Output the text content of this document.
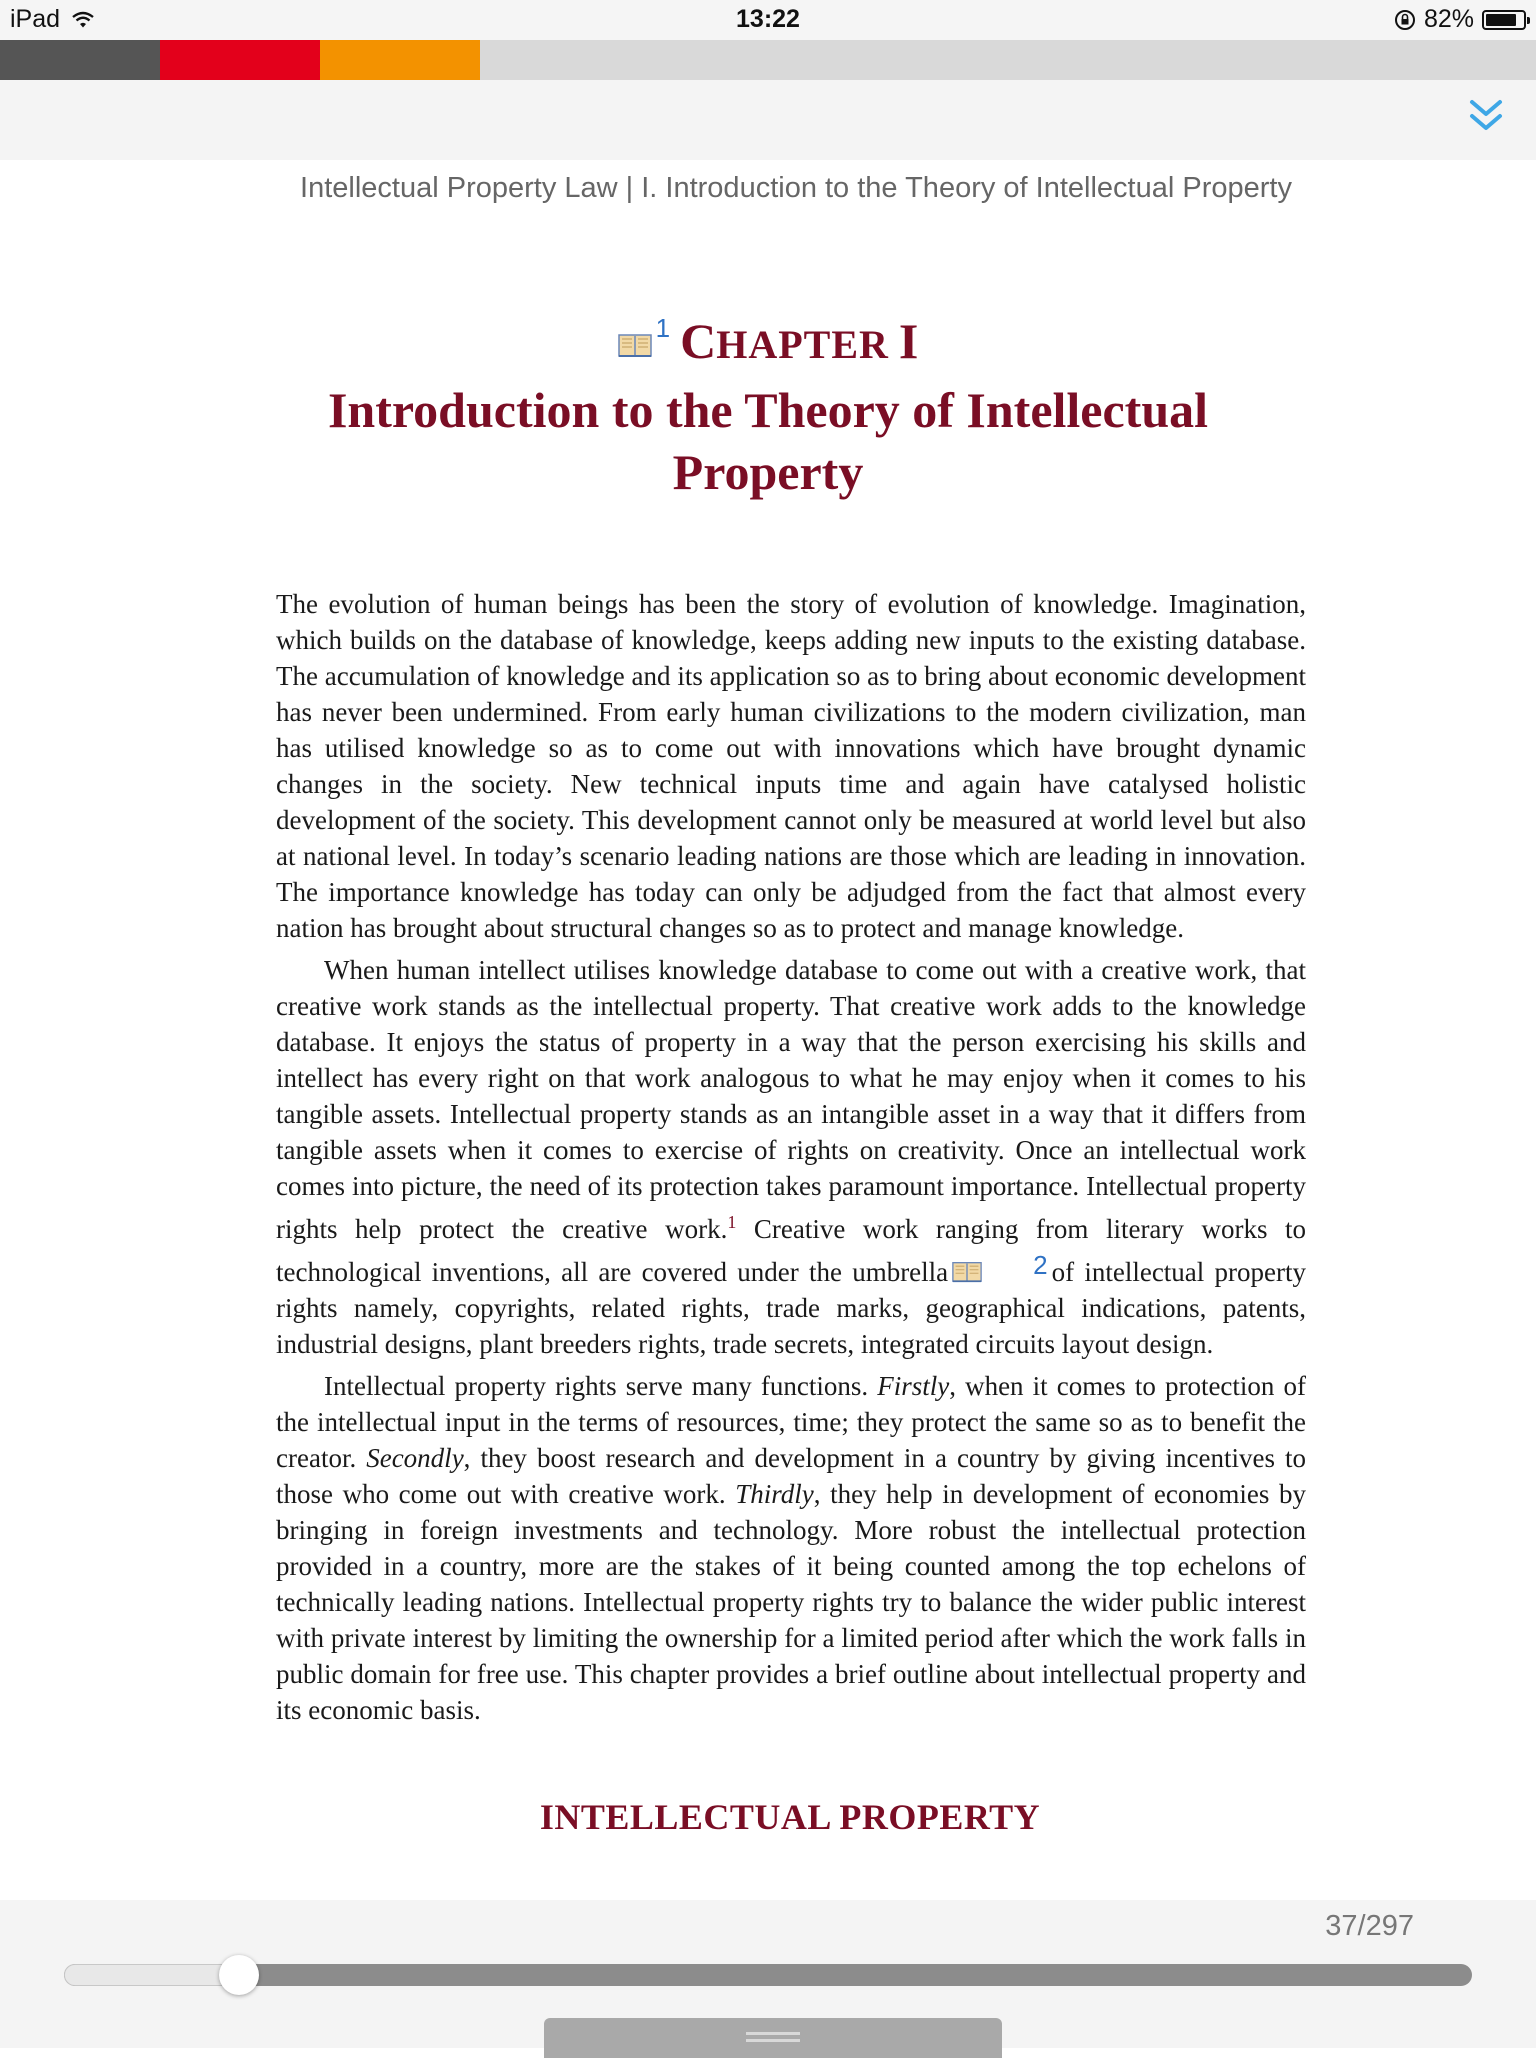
iPad	13:22	82%
Intellectual Property Law | I. Introduction to the Theory of Intellectual Property
1 CHAPTER I
Introduction to the Theory of Intellectual Property

The evolution of human beings has been the story of evolution of knowledge. Imagination, which builds on the database of knowledge, keeps adding new inputs to the existing database. The accumulation of knowledge and its application so as to bring about economic development has never been undermined. From early human civilizations to the modern civilization, man has utilised knowledge so as to come out with innovations which have brought dynamic changes in the society. New technical inputs time and again have catalysed holistic development of the society. This development cannot only be measured at world level but also at national level. In today’s scenario leading nations are those which are leading in innovation. The importance knowledge has today can only be adjudged from the fact that almost every nation has brought about structural changes so as to protect and manage knowledge.

When human intellect utilises knowledge database to come out with a creative work, that creative work stands as the intellectual property. That creative work adds to the knowledge database. It enjoys the status of property in a way that the person exercising his skills and intellect has every right on that work analogous to what he may enjoy when it comes to his tangible assets. Intellectual property stands as an intangible asset in a way that it differs from tangible assets when it comes to exercise of rights on creativity. Once an intellectual work comes into picture, the need of its protection takes paramount importance. Intellectual property rights help protect the creative work.$^1$ Creative work ranging from literary works to technological inventions, all are covered under the umbrella	2 of intellectual property rights namely, copyrights, related rights, trade marks, geographical indications, patents, industrial designs, plant breeders rights, trade secrets, integrated circuits layout design.

Intellectual property rights serve many functions. Firstly, when it comes to protection of the intellectual input in the terms of resources, time; they protect the same so as to benefit the creator. Secondly, they boost research and development in a country by giving incentives to those who come out with creative work. Thirdly, they help in development of economies by bringing in foreign investments and technology. More robust the intellectual protection provided in a country, more are the stakes of it being counted among the top echelons of technically leading nations. Intellectual property rights try to balance the wider public interest with private interest by limiting the ownership for a limited period after which the work falls in public domain for free use. This chapter provides a brief outline about intellectual property and its economic basis.

INTELLECTUAL PROPERTY
37/297
